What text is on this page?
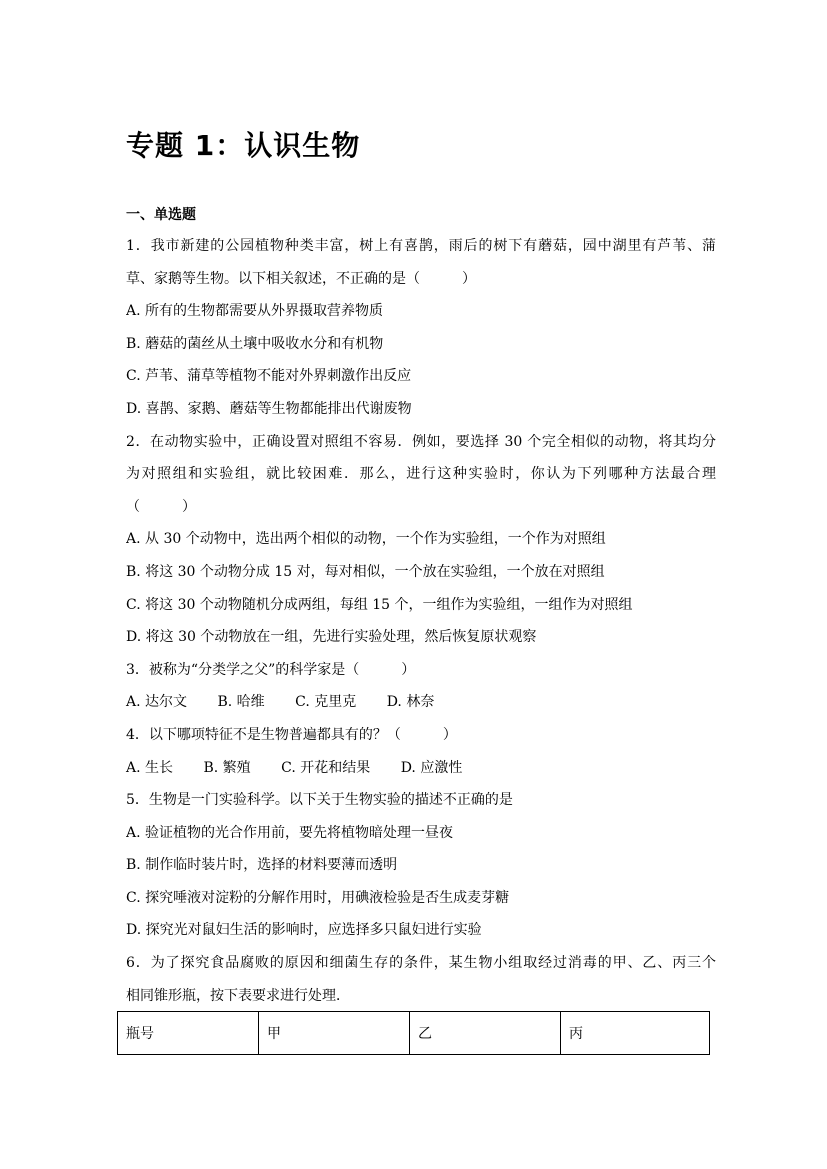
专题 1：认识生物
一、单选题
1．我市新建的公园植物种类丰富，树上有喜鹊，雨后的树下有蘑菇，园中湖里有芦苇、蒲
草、家鹅等生物。以下相关叙述，不正确的是（　　　）
A. 所有的生物都需要从外界摄取营养物质
B. 蘑菇的菌丝从土壤中吸收水分和有机物
C. 芦苇、蒲草等植物不能对外界刺激作出反应
D. 喜鹊、家鹅、蘑菇等生物都能排出代谢废物
2．在动物实验中，正确设置对照组不容易．例如，要选择 30 个完全相似的动物，将其均分
为对照组和实验组，就比较困难．那么，进行这种实验时，你认为下列哪种方法最合理
（　　　）
A. 从 30 个动物中，选出两个相似的动物，一个作为实验组，一个作为对照组
B. 将这 30 个动物分成 15 对，每对相似，一个放在实验组，一个放在对照组
C. 将这 30 个动物随机分成两组，每组 15 个，一组作为实验组，一组作为对照组
D. 将这 30 个动物放在一组，先进行实验处理，然后恢复原状观察
3．被称为“分类学之父”的科学家是（　　　）
A. 达尔文 B. 哈维 C. 克里克 D. 林奈
4．以下哪项特征不是生物普遍都具有的？（　　　）
A. 生长 B. 繁殖 C. 开花和结果 D. 应激性
5．生物是一门实验科学。以下关于生物实验的描述不正确的是
A. 验证植物的光合作用前，要先将植物暗处理一昼夜
B. 制作临时装片时，选择的材料要薄而透明
C. 探究唾液对淀粉的分解作用时，用碘液检验是否生成麦芽糖
D. 探究光对鼠妇生活的影响时，应选择多只鼠妇进行实验
6．为了探究食品腐败的原因和细菌生存的条件，某生物小组取经过消毒的甲、乙、丙三个
相同锥形瓶，按下表要求进行处理．
瓶号	甲	乙	丙
